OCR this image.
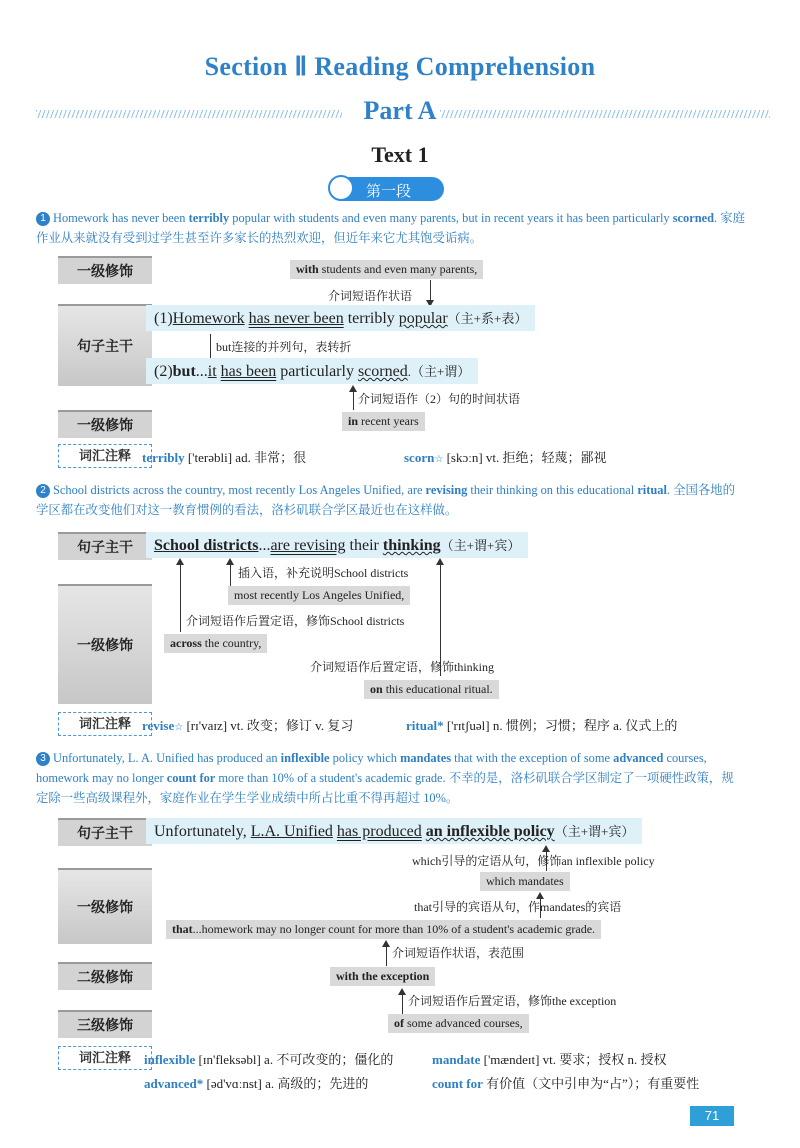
Section Ⅱ Reading Comprehension
Part A
Text 1
第一段
1 Homework has never been terribly popular with students and even many parents, but in recent years it has been particularly scorned. 家庭作业从来就没有受到过学生甚至许多家长的热烈欢迎，但近年来它尤其饱受诟病。
一级修饰
句子主干
一级修饰
with students and even many parents,
介词短语作状语
(1)Homework has never been terribly popular（主+系+表）
but连接的并列句，表转折
(2)but...it has been particularly scorned.（主+谓）
介词短语作（2）句的时间状语
in recent years
词汇注释 terribly ['terəbli] ad. 非常；很	scorn☆ [skɔːn] vt. 拒绝；轻蔑；鄙视
2 School districts across the country, most recently Los Angeles Unified, are revising their thinking on this educational ritual. 全国各地的学区都在改变他们对这一教育惯例的看法，洛杉矶联合学区最近也在这样做。
句子主干
一级修饰
School districts...are revising their thinking（主+谓+宾）
插入语，补充说明School districts
most recently Los Angeles Unified,
介词短语作后置定语，修饰School districts
across the country,
介词短语作后置定语，修饰thinking
on this educational ritual.
词汇注释 revise☆ [rɪ'vaɪz] vt. 改变；修订 v. 复习	ritual* ['rɪtʃuəl] n. 惯例；习惯；程序 a. 仪式上的
3 Unfortunately, L. A. Unified has produced an inflexible policy which mandates that with the exception of some advanced courses, homework may no longer count for more than 10% of a student's academic grade. 不幸的是，洛杉矶联合学区制定了一项硬性政策，规定除一些高级课程外，家庭作业在学生学业成绩中所占比重不得再超过 10%。
句子主干
一级修饰
二级修饰
三级修饰
Unfortunately, L.A. Unified has produced an inflexible policy（主+谓+宾）
which引导的定语从句，修饰an inflexible policy
which mandates
that引导的宾语从句，作mandates的宾语
that...homework may no longer count for more than 10% of a student's academic grade.
介词短语作状语，表范围
with the exception
介词短语作后置定语，修饰the exception
of some advanced courses,
词汇注释	inflexible [ɪn'fleksəbl] a. 不可改变的；僵化的	mandate ['mændeɪt] vt. 要求；授权 n. 授权
advanced* [əd'vɑːnst] a. 高级的；先进的	count for 有价值（文中引申为“占”）；有重要性
71
